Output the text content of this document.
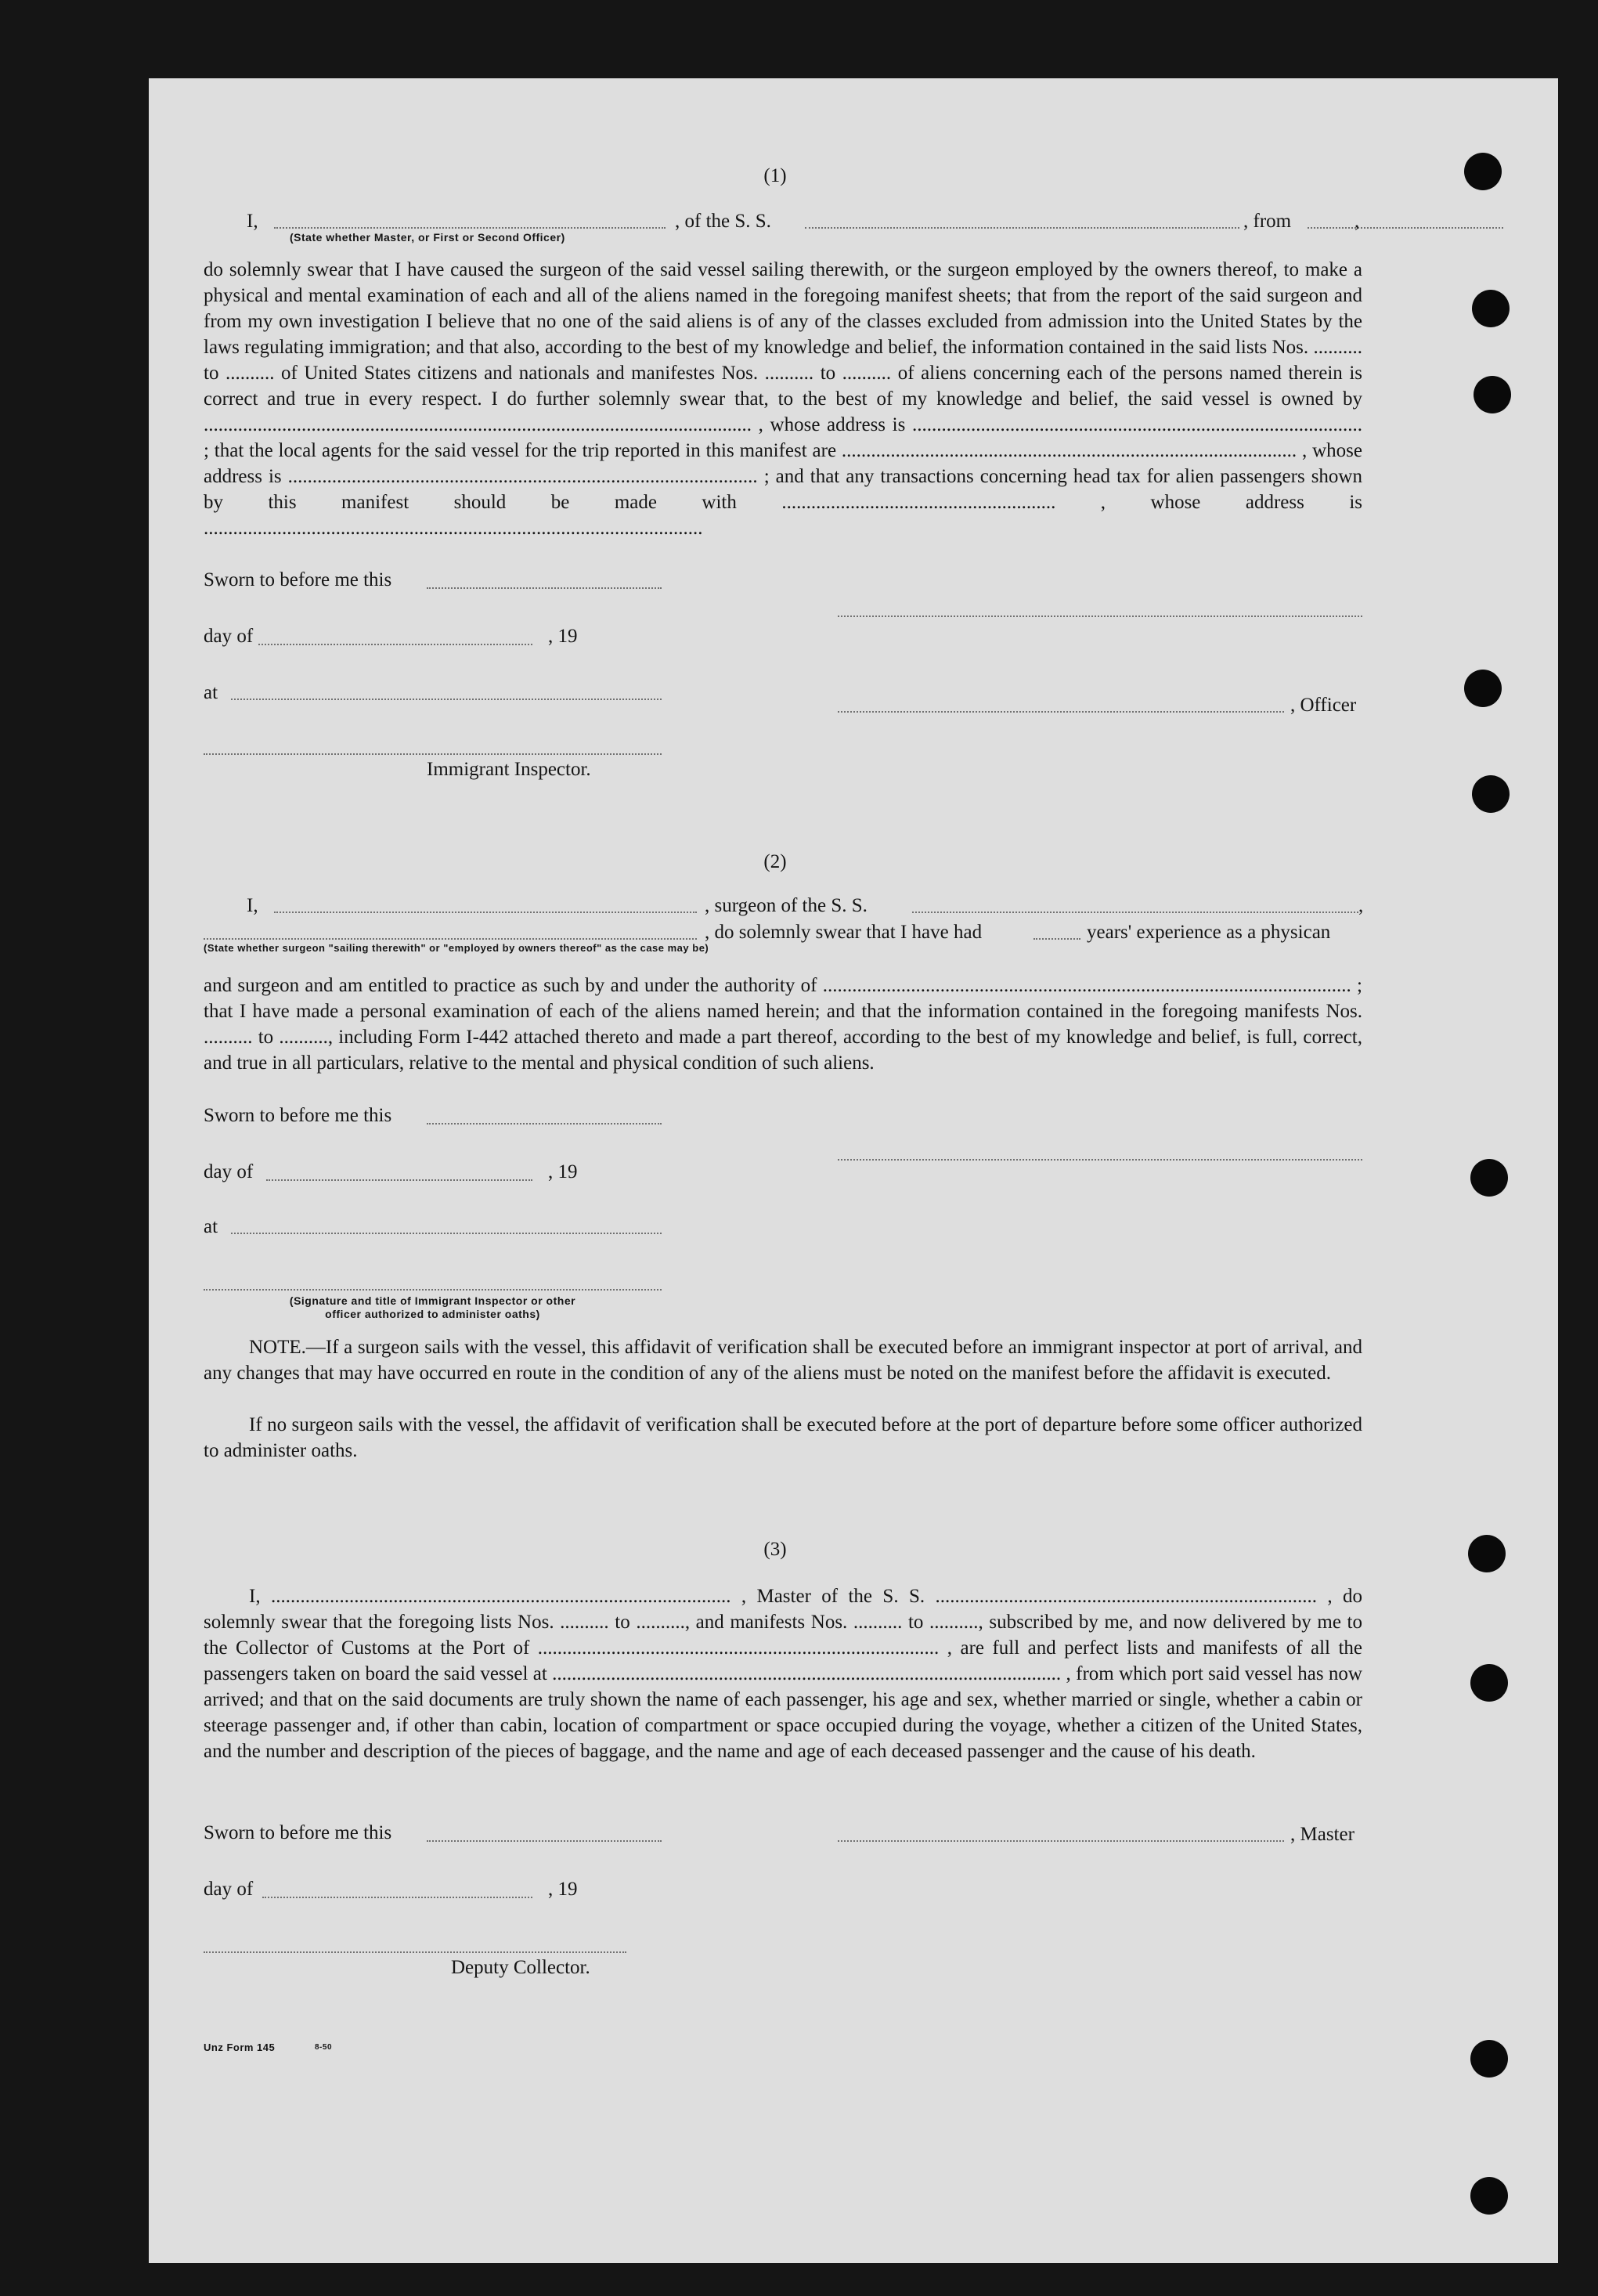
(1)
I,	, of the S. S.	, from	,
(State whether Master, or First or Second Officer)
do solemnly swear that I have caused the surgeon of the said vessel sailing therewith, or the surgeon employed by the owners thereof, to make a physical and mental examination of each and all of the aliens named in the foregoing manifest sheets; that from the report of the said surgeon and from my own investigation I believe that no one of the said aliens is of any of the classes excluded from admission into the United States by the laws regulating immigration; and that also, according to the best of my knowledge and belief, the information contained in the said lists Nos. .......... to .......... of United States citizens and nationals and manifestes Nos. .......... to .......... of aliens concerning each of the persons named therein is correct and true in every respect. I do further solemnly swear that, to the best of my knowledge and belief, the said vessel is owned by ................................................................................................................ , whose address is ............................................................................................ ; that the local agents for the said vessel for the trip reported in this manifest are ............................................................................................. , whose address is ................................................................................................ ; and that any transactions concerning head tax for alien passengers shown by this manifest should be made with ........................................................ , whose address is ......................................................................................................
Sworn to before me this
day of	, 19
at
, Officer
Immigrant Inspector.
(2)
I,	, surgeon of the S. S.	,
, do solemnly swear that I have had	years' experience as a physican
(State whether surgeon "sailing therewith" or "employed by owners thereof" as the case may be)
and surgeon and am entitled to practice as such by and under the authority of ............................................................................................................ ; that I have made a personal examination of each of the aliens named herein; and that the information contained in the foregoing manifests Nos. .......... to .........., including Form I-442 attached thereto and made a part thereof, according to the best of my knowledge and belief, is full, correct, and true in all particulars, relative to the mental and physical condition of such aliens.
Sworn to before me this
day of	, 19
at
(Signature and title of Immigrant Inspector or other
officer authorized to administer oaths)
NOTE.—If a surgeon sails with the vessel, this affidavit of verification shall be executed before an immigrant inspector at port of arrival, and any changes that may have occurred en route in the condition of any of the aliens must be noted on the manifest before the affidavit is executed.
If no surgeon sails with the vessel, the affidavit of verification shall be executed before at the port of departure before some officer authorized to administer oaths.
(3)
I, .............................................................................................. , Master of the S. S. .............................................................................. , do solemnly swear that the foregoing lists Nos. .......... to .........., and manifests Nos. .......... to .........., subscribed by me, and now delivered by me to the Collector of Customs at the Port of .................................................................................. , are full and perfect lists and manifests of all the passengers taken on board the said vessel at ........................................................................................................ , from which port said vessel has now arrived; and that on the said documents are truly shown the name of each passenger, his age and sex, whether married or single, whether a cabin or steerage passenger and, if other than cabin, location of compartment or space occupied during the voyage, whether a citizen of the United States, and the number and description of the pieces of baggage, and the name and age of each deceased passenger and the cause of his death.
Sworn to before me this	, Master
day of	, 19
Deputy Collector.
Unz Form 145	8-50
